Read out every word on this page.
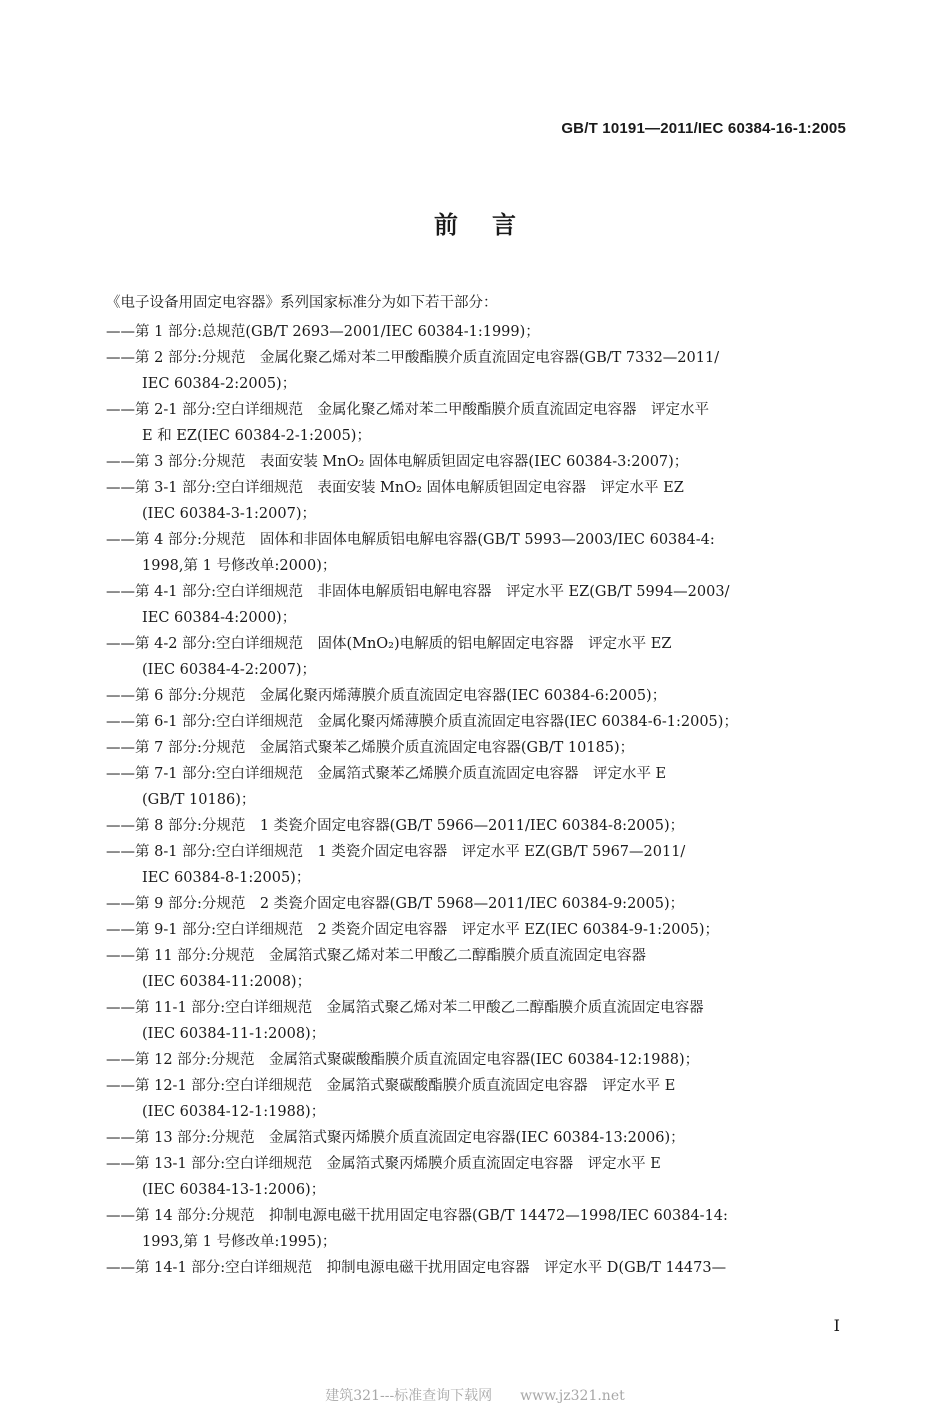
GB/T 10191—2011/IEC 60384-16-1:2005
前言
《电子设备用固定电容器》系列国家标准分为如下若干部分：
——第 1 部分:总规范(GB/T 2693—2001/IEC 60384-1:1999)；
——第 2 部分:分规范　金属化聚乙烯对苯二甲酸酯膜介质直流固定电容器(GB/T 7332—2011/
IEC 60384-2:2005)；
——第 2-1 部分:空白详细规范　金属化聚乙烯对苯二甲酸酯膜介质直流固定电容器　评定水平
E 和 EZ(IEC 60384-2-1:2005)；
——第 3 部分:分规范　表面安装 MnO₂ 固体电解质钽固定电容器(IEC 60384-3:2007)；
——第 3-1 部分:空白详细规范　表面安装 MnO₂ 固体电解质钽固定电容器　评定水平 EZ
(IEC 60384-3-1:2007)；
——第 4 部分:分规范　固体和非固体电解质铝电解电容器(GB/T 5993—2003/IEC 60384-4:
1998,第 1 号修改单:2000)；
——第 4-1 部分:空白详细规范　非固体电解质铝电解电容器　评定水平 EZ(GB/T 5994—2003/
IEC 60384-4:2000)；
——第 4-2 部分:空白详细规范　固体(MnO₂)电解质的铝电解固定电容器　评定水平 EZ
(IEC 60384-4-2:2007)；
——第 6 部分:分规范　金属化聚丙烯薄膜介质直流固定电容器(IEC 60384-6:2005)；
——第 6-1 部分:空白详细规范　金属化聚丙烯薄膜介质直流固定电容器(IEC 60384-6-1:2005)；
——第 7 部分:分规范　金属箔式聚苯乙烯膜介质直流固定电容器(GB/T 10185)；
——第 7-1 部分:空白详细规范　金属箔式聚苯乙烯膜介质直流固定电容器　评定水平 E
(GB/T 10186)；
——第 8 部分:分规范　1 类瓷介固定电容器(GB/T 5966—2011/IEC 60384-8:2005)；
——第 8-1 部分:空白详细规范　1 类瓷介固定电容器　评定水平 EZ(GB/T 5967—2011/
IEC 60384-8-1:2005)；
——第 9 部分:分规范　2 类瓷介固定电容器(GB/T 5968—2011/IEC 60384-9:2005)；
——第 9-1 部分:空白详细规范　2 类瓷介固定电容器　评定水平 EZ(IEC 60384-9-1:2005)；
——第 11 部分:分规范　金属箔式聚乙烯对苯二甲酸乙二醇酯膜介质直流固定电容器
(IEC 60384-11:2008)；
——第 11-1 部分:空白详细规范　金属箔式聚乙烯对苯二甲酸乙二醇酯膜介质直流固定电容器
(IEC 60384-11-1:2008)；
——第 12 部分:分规范　金属箔式聚碳酸酯膜介质直流固定电容器(IEC 60384-12:1988)；
——第 12-1 部分:空白详细规范　金属箔式聚碳酸酯膜介质直流固定电容器　评定水平 E
(IEC 60384-12-1:1988)；
——第 13 部分:分规范　金属箔式聚丙烯膜介质直流固定电容器(IEC 60384-13:2006)；
——第 13-1 部分:空白详细规范　金属箔式聚丙烯膜介质直流固定电容器　评定水平 E
(IEC 60384-13-1:2006)；
——第 14 部分:分规范　抑制电源电磁干扰用固定电容器(GB/T 14472—1998/IEC 60384-14:
1993,第 1 号修改单:1995)；
——第 14-1 部分:空白详细规范　抑制电源电磁干扰用固定电容器　评定水平 D(GB/T 14473—
I
建筑321---标准查询下载网　　www.jz321.net
